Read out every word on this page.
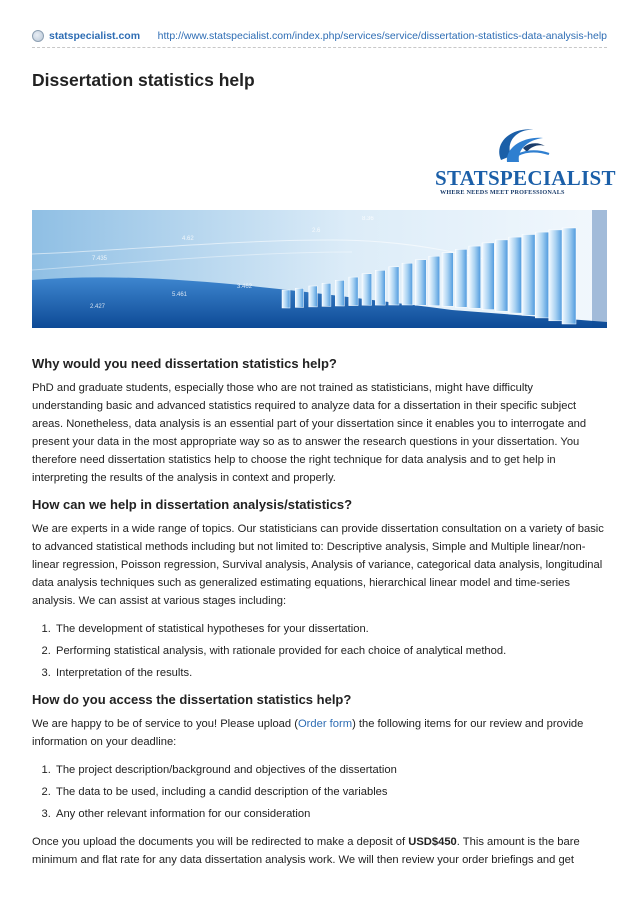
statspecialist.com http://www.statspecialist.com/index.php/services/service/dissertation-statistics-data-analysis-help
Dissertation statistics help
STATSPECIALIST
WHERE NEEDS MEET PROFESSIONALS
2.427
5.461
3.462
7.435
4.62
2.6
8.36
Why would you need dissertation statistics help?

PhD and graduate students, especially those who are not trained as statisticians, might have difficulty understanding basic and advanced statistics required to analyze data for a dissertation in their specific subject areas. Nonetheless, data analysis is an essential part of your dissertation since it enables you to interrogate and present your data in the most appropriate way so as to answer the research questions in your dissertation. You therefore need dissertation statistics help to choose the right technique for data analysis and to get help in interpreting the results of the analysis in context and properly.

How can we help in dissertation analysis/statistics?

We are experts in a wide range of topics. Our statisticians can provide dissertation consultation on a variety of basic to advanced statistical methods including but not limited to: Descriptive analysis, Simple and Multiple linear/non-linear regression, Poisson regression, Survival analysis, Analysis of variance, categorical data analysis, longitudinal data analysis techniques such as generalized estimating equations, hierarchical linear model and time-series analysis. We can assist at various stages including:

1. The development of statistical hypotheses for your dissertation.
2. Performing statistical analysis, with rationale provided for each choice of analytical method.
3. Interpretation of the results.
How do you access the dissertation statistics help?

We are happy to be of service to you! Please upload (Order form) the following items for our review and provide information on your deadline:

1. The project description/background and objectives of the dissertation
2. The data to be used, including a candid description of the variables
3. Any other relevant information for our consideration

Once you upload the documents you will be redirected to make a deposit of USD$450. This amount is the bare minimum and flat rate for any data dissertation analysis work. We will then review your order briefings and get
